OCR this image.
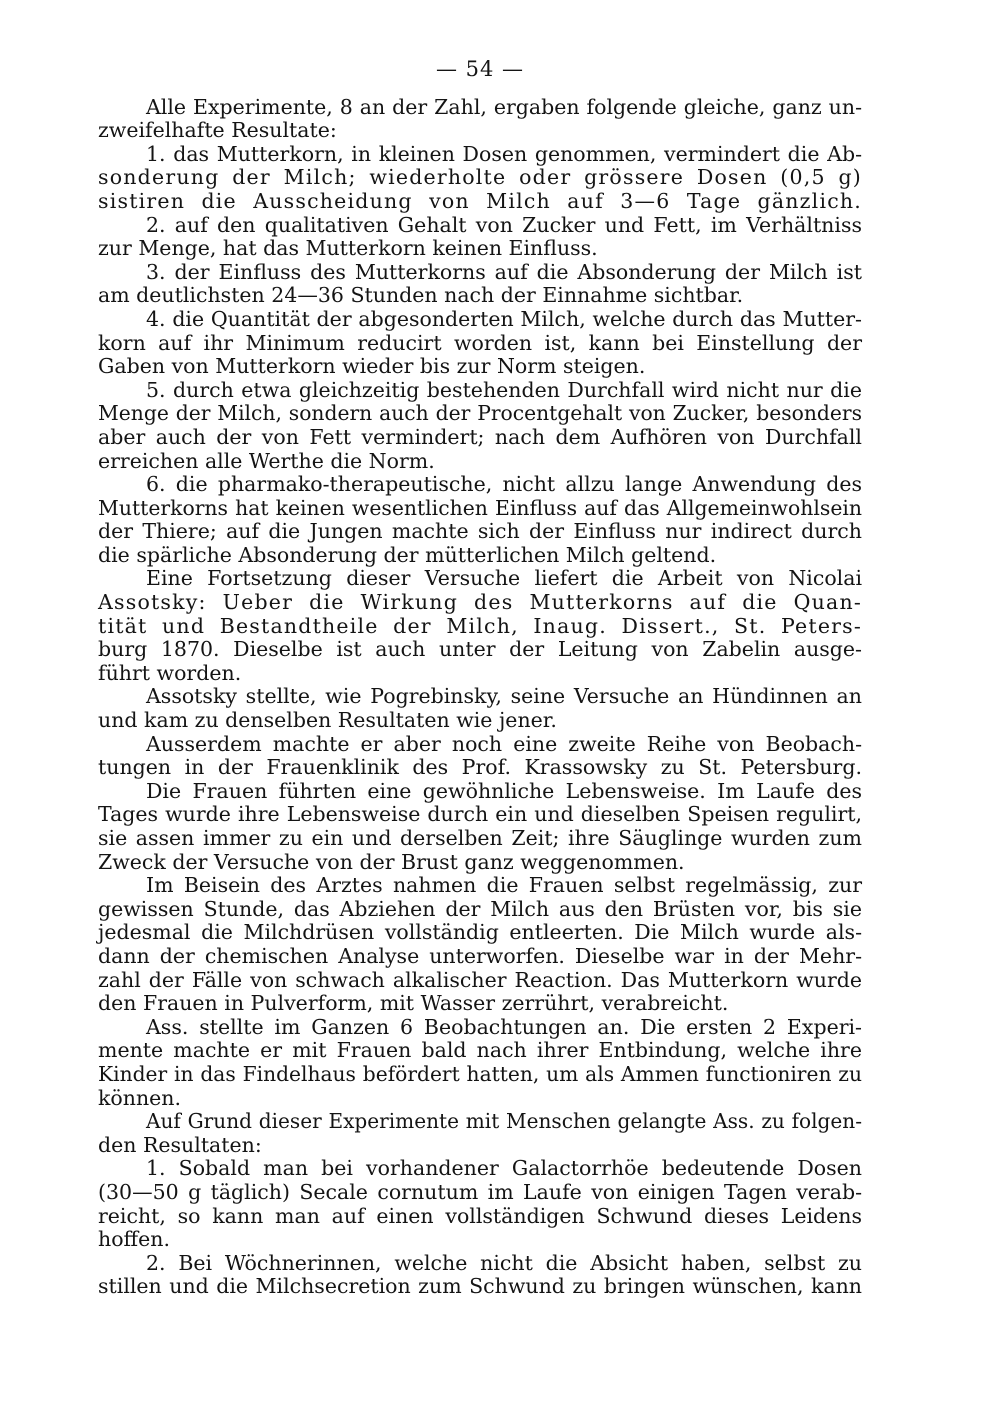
— 54 —
Alle Experimente, 8 an der Zahl, ergaben folgende gleiche, ganz un-
zweifelhafte Resultate:
1. das Mutterkorn, in kleinen Dosen genommen, vermindert die Ab-
sonderung der Milch; wiederholte oder grössere Dosen (0,5 g)
sistiren die Ausscheidung von Milch auf 3—6 Tage gänzlich.
2. auf den qualitativen Gehalt von Zucker und Fett, im Verhältniss
zur Menge, hat das Mutterkorn keinen Einfluss.
3. der Einfluss des Mutterkorns auf die Absonderung der Milch ist
am deutlichsten 24—36 Stunden nach der Einnahme sichtbar.
4. die Quantität der abgesonderten Milch, welche durch das Mutter-
korn auf ihr Minimum reducirt worden ist, kann bei Einstellung der
Gaben von Mutterkorn wieder bis zur Norm steigen.
5. durch etwa gleichzeitig bestehenden Durchfall wird nicht nur die
Menge der Milch, sondern auch der Procentgehalt von Zucker, besonders
aber auch der von Fett vermindert; nach dem Aufhören von Durchfall
erreichen alle Werthe die Norm.
6. die pharmako-therapeutische, nicht allzu lange Anwendung des
Mutterkorns hat keinen wesentlichen Einfluss auf das Allgemeinwohlsein
der Thiere; auf die Jungen machte sich der Einfluss nur indirect durch
die spärliche Absonderung der mütterlichen Milch geltend.
Eine Fortsetzung dieser Versuche liefert die Arbeit von Nicolai
Assotsky: Ueber die Wirkung des Mutterkorns auf die Quan-
tität und Bestandtheile der Milch, Inaug. Dissert., St. Peters-
burg 1870. Dieselbe ist auch unter der Leitung von Zabelin ausge-
führt worden.
Assotsky stellte, wie Pogrebinsky, seine Versuche an Hündinnen an
und kam zu denselben Resultaten wie jener.
Ausserdem machte er aber noch eine zweite Reihe von Beobach-
tungen in der Frauenklinik des Prof. Krassowsky zu St. Petersburg.
Die Frauen führten eine gewöhnliche Lebensweise. Im Laufe des
Tages wurde ihre Lebensweise durch ein und dieselben Speisen regulirt,
sie assen immer zu ein und derselben Zeit; ihre Säuglinge wurden zum
Zweck der Versuche von der Brust ganz weggenommen.
Im Beisein des Arztes nahmen die Frauen selbst regelmässig, zur
gewissen Stunde, das Abziehen der Milch aus den Brüsten vor, bis sie
jedesmal die Milchdrüsen vollständig entleerten. Die Milch wurde als-
dann der chemischen Analyse unterworfen. Dieselbe war in der Mehr-
zahl der Fälle von schwach alkalischer Reaction. Das Mutterkorn wurde
den Frauen in Pulverform, mit Wasser zerrührt, verabreicht.
Ass. stellte im Ganzen 6 Beobachtungen an. Die ersten 2 Experi-
mente machte er mit Frauen bald nach ihrer Entbindung, welche ihre
Kinder in das Findelhaus befördert hatten, um als Ammen functioniren zu
können.
Auf Grund dieser Experimente mit Menschen gelangte Ass. zu folgen-
den Resultaten:
1. Sobald man bei vorhandener Galactorrhöe bedeutende Dosen
(30—50 g täglich) Secale cornutum im Laufe von einigen Tagen verab-
reicht, so kann man auf einen vollständigen Schwund dieses Leidens
hoffen.
2. Bei Wöchnerinnen, welche nicht die Absicht haben, selbst zu
stillen und die Milchsecretion zum Schwund zu bringen wünschen, kann
